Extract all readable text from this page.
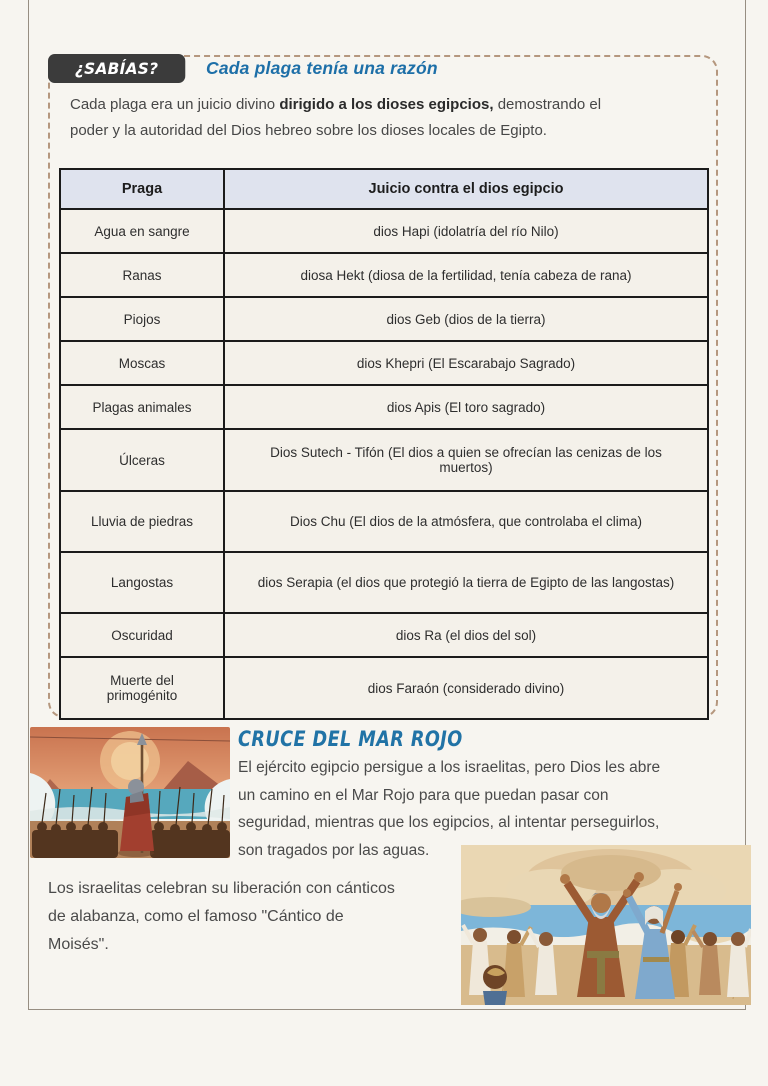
¿SABÍAS?	Cada plaga tenía una razón
Cada plaga era un juicio divino dirigido a los dioses egipcios, demostrando el
poder y la autoridad del Dios hebreo sobre los dioses locales de Egipto.
Praga	Juicio contra el dios egipcio
Agua en sangre	dios Hapi (idolatría del río Nilo)
Ranas	diosa Hekt (diosa de la fertilidad, tenía cabeza de rana)
Piojos	dios Geb (dios de la tierra)
Moscas	dios Khepri (El Escarabajo Sagrado)
Plagas animales	dios Apis (El toro sagrado)
Úlceras	Dios Sutech - Tifón (El dios a quien se ofrecían las cenizas de los muertos)
Lluvia de piedras	Dios Chu (El dios de la atmósfera, que controlaba el clima)
Langostas	dios Serapia (el dios que protegió la tierra de Egipto de las langostas)
Oscuridad	dios Ra (el dios del sol)
Muerte del primogénito	dios Faraón (considerado divino)
CRUCE DEL MAR ROJO
El ejército egipcio persigue a los israelitas, pero Dios les abre
un camino en el Mar Rojo para que puedan pasar con
seguridad, mientras que los egipcios, al intentar perseguirlos,
son tragados por las aguas.
Los israelitas celebran su liberación con cánticos
de alabanza, como el famoso "Cántico de
Moisés".
